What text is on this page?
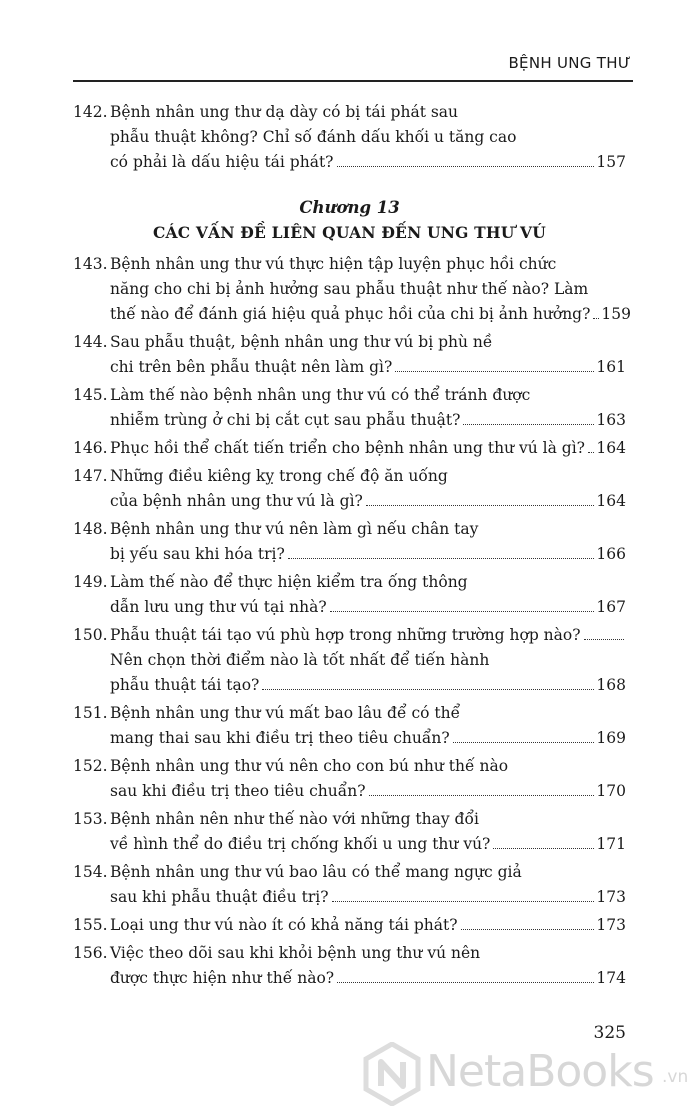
BỆNH UNG THƯ
142. Bệnh nhân ung thư dạ dày có bị tái phát sau
phẫu thuật không? Chỉ số đánh dấu khối u tăng cao
có phải là dấu hiệu tái phát?	157
Chương 13
CÁC VẤN ĐỀ LIÊN QUAN ĐẾN UNG THƯ VÚ
143. Bệnh nhân ung thư vú thực hiện tập luyện phục hồi chức
năng cho chi bị ảnh hưởng sau phẫu thuật như thế nào? Làm
thế nào để đánh giá hiệu quả phục hồi của chi bị ảnh hưởng? 159
144. Sau phẫu thuật, bệnh nhân ung thư vú bị phù nề
chi trên bên phẫu thuật nên làm gì?	161
145. Làm thế nào bệnh nhân ung thư vú có thể tránh được
nhiễm trùng ở chi bị cắt cụt sau phẫu thuật?	163
146. Phục hồi thể chất tiến triển cho bệnh nhân ung thư vú là gì? 164
147. Những điều kiêng kỵ trong chế độ ăn uống
của bệnh nhân ung thư vú là gì?	164
148. Bệnh nhân ung thư vú nên làm gì nếu chân tay
bị yếu sau khi hóa trị?	166
149. Làm thế nào để thực hiện kiểm tra ống thông
dẫn lưu ung thư vú tại nhà?	167
150. Phẫu thuật tái tạo vú phù hợp trong những trường hợp nào?
Nên chọn thời điểm nào là tốt nhất để tiến hành
phẫu thuật tái tạo?	168
151. Bệnh nhân ung thư vú mất bao lâu để có thể
mang thai sau khi điều trị theo tiêu chuẩn?	169
152. Bệnh nhân ung thư vú nên cho con bú như thế nào
sau khi điều trị theo tiêu chuẩn?	170
153. Bệnh nhân nên như thế nào với những thay đổi
về hình thể do điều trị chống khối u ung thư vú?	171
154. Bệnh nhân ung thư vú bao lâu có thể mang ngực giả
sau khi phẫu thuật điều trị?	173
155. Loại ung thư vú nào ít có khả năng tái phát?	173
156. Việc theo dõi sau khi khỏi bệnh ung thư vú nên
được thực hiện như thế nào?	174
325
NetaBooks .vn
